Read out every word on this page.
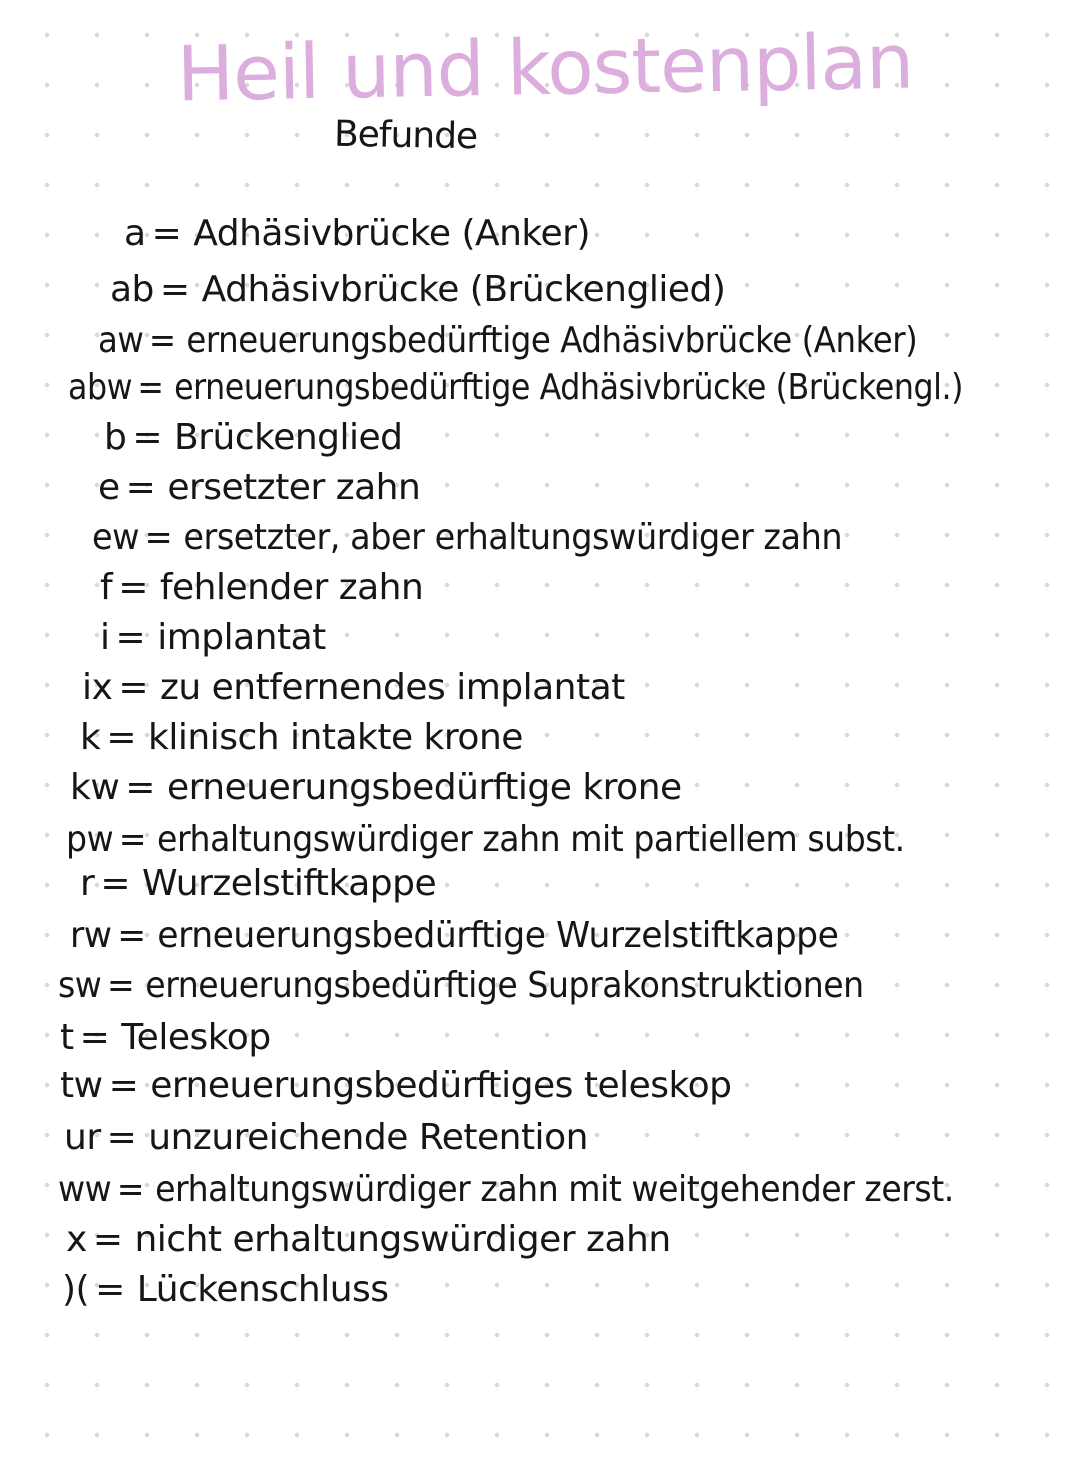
Heil und kostenplan
Befunde
a = Adhäsivbrücke (Anker)
ab = Adhäsivbrücke (Brückenglied)
aw = erneuerungsbedürftige Adhäsivbrücke (Anker)
abw = erneuerungsbedürftige Adhäsivbrücke (Brückengl.)
b = Brückenglied
e = ersetzter zahn
ew = ersetzter, aber erhaltungswürdiger zahn
f = fehlender zahn
i = implantat
ix = zu entfernendes implantat
k = klinisch intakte krone
kw = erneuerungsbedürftige krone
pw = erhaltungswürdiger zahn mit partiellem subst.
r = Wurzelstiftkappe
rw = erneuerungsbedürftige Wurzelstiftkappe
sw = erneuerungsbedürftige Suprakonstruktionen
t = Teleskop
tw = erneuerungsbedürftiges teleskop
ur = unzureichende Retention
ww = erhaltungswürdiger zahn mit weitgehender zerst.
x = nicht erhaltungswürdiger zahn
)( = Lückenschluss
